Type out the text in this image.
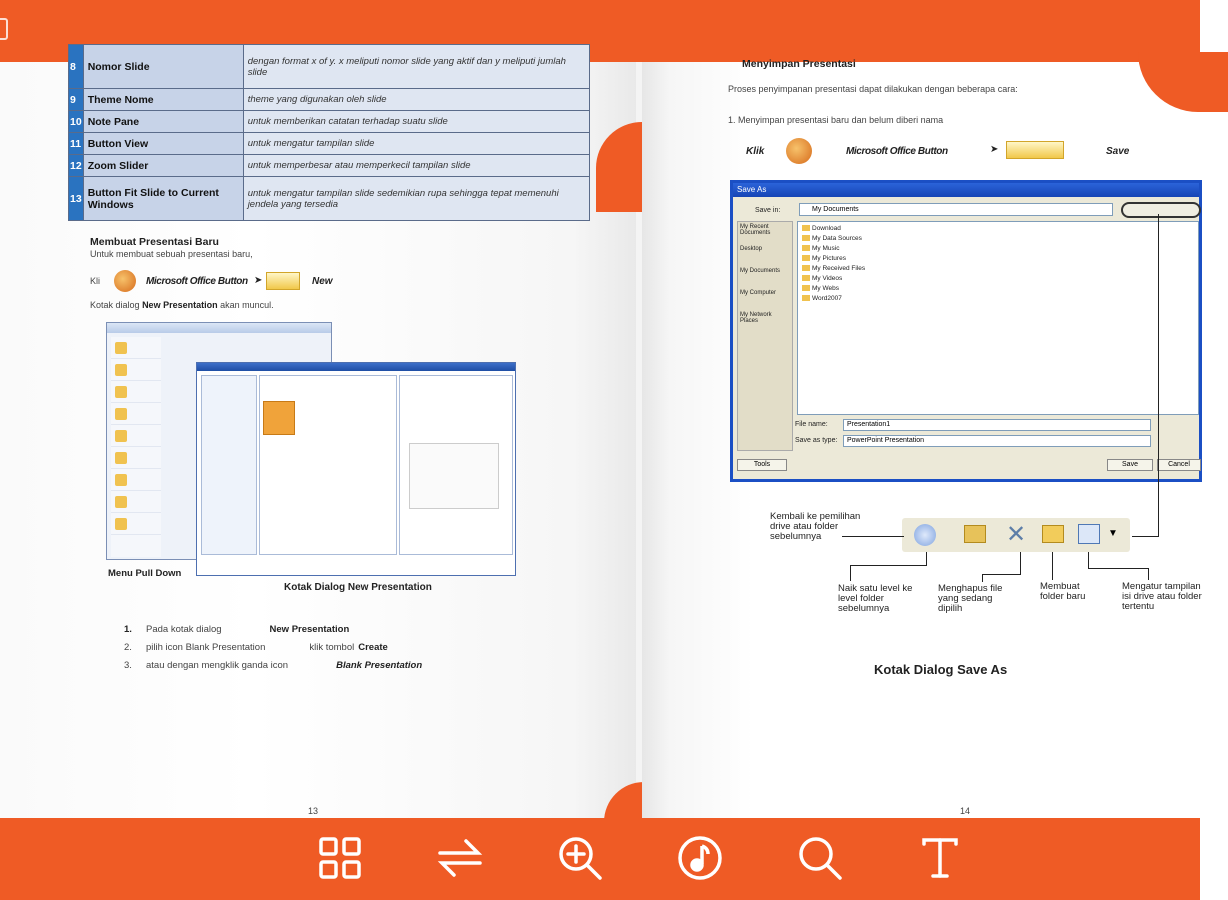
8	Nomor Slide	dengan format x of y. x meliputi nomor slide yang aktif dan y meliputi jumlah slide
9	Theme Nome	theme yang digunakan oleh slide
10	Note Pane	untuk memberikan catatan terhadap suatu slide
11	Button View	untuk mengatur tampilan slide
12	Zoom Slider	untuk memperbesar atau memperkecil tampilan slide
13	Button Fit Slide to Current Windows	untuk mengatur tampilan slide sedemikian rupa sehingga tepat memenuhi jendela yang tersedia
Membuat Presentasi Baru
Untuk membuat sebuah presentasi baru,
Kli	Microsoft Office Button ➤	New
Kotak dialog New Presentation akan muncul.
Menu Pull Down
Kotak Dialog New Presentation
1. Pada kotak dialog	New Presentation
2. pilih icon Blank Presentation	klik tombol Create
3. atau dengan mengklik ganda icon	Blank Presentation
13
Menyimpan Presentasi
Proses penyimpanan presentasi dapat dilakukan dengan beberapa cara:
1. Menyimpan presentasi baru dan belum diberi nama
Klik	Microsoft Office Button	➤	Save
Save As
Save in:	My Documents
My Recent Documents
Desktop
My Documents
My Computer
My Network Places
Download
My Data Sources
My Music
My Pictures
My Received Files
My Videos
My Webs
Word2007
File name:	Presentation1
Save as type:	PowerPoint Presentation
Tools	Save	Cancel
✕	▼
Kembali ke pemilihan drive atau folder sebelumnya
Naik satu level ke level folder sebelumnya
Menghapus file yang sedang dipilih
Membuat folder baru
Mengatur tampilan isi drive atau folder tertentu
Kotak Dialog Save As
14
